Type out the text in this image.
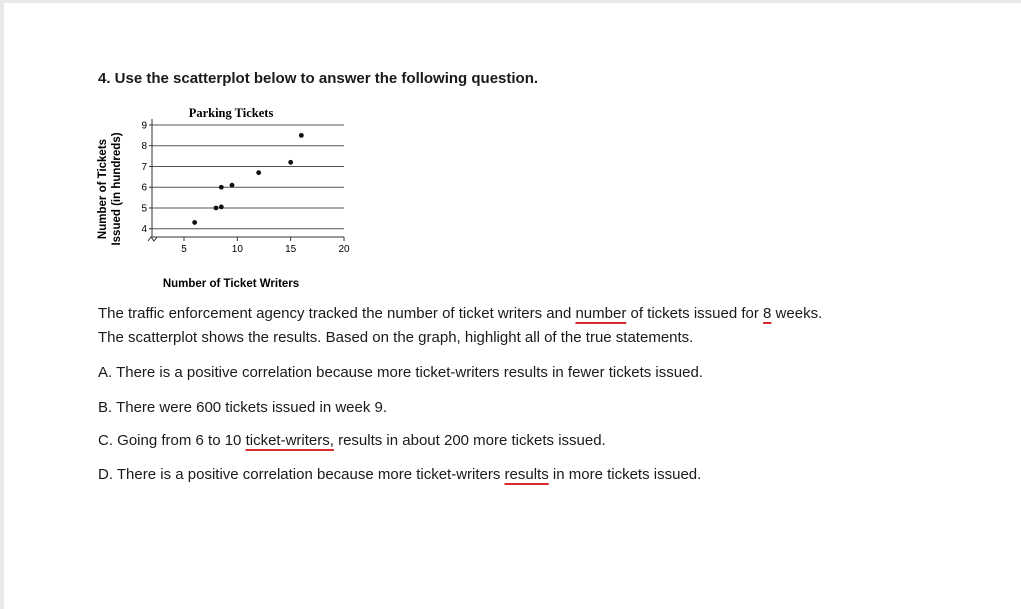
4. Use the scatterplot below to answer the following question.

Parking Tickets
4
5
6
7
8
9
5	10	15	20
Number of Ticket Writers
Number of Tickets Issued (in hundreds)

The traffic enforcement agency tracked the number of ticket writers and number of tickets issued for 8 weeks.

The scatterplot shows the results. Based on the graph, highlight all of the true statements.

A. There is a positive correlation because more ticket-writers results in fewer tickets issued.

B. There were 600 tickets issued in week 9.

C. Going from 6 to 10 ticket-writers, results in about 200 more tickets issued.

D. There is a positive correlation because more ticket-writers results in more tickets issued.
